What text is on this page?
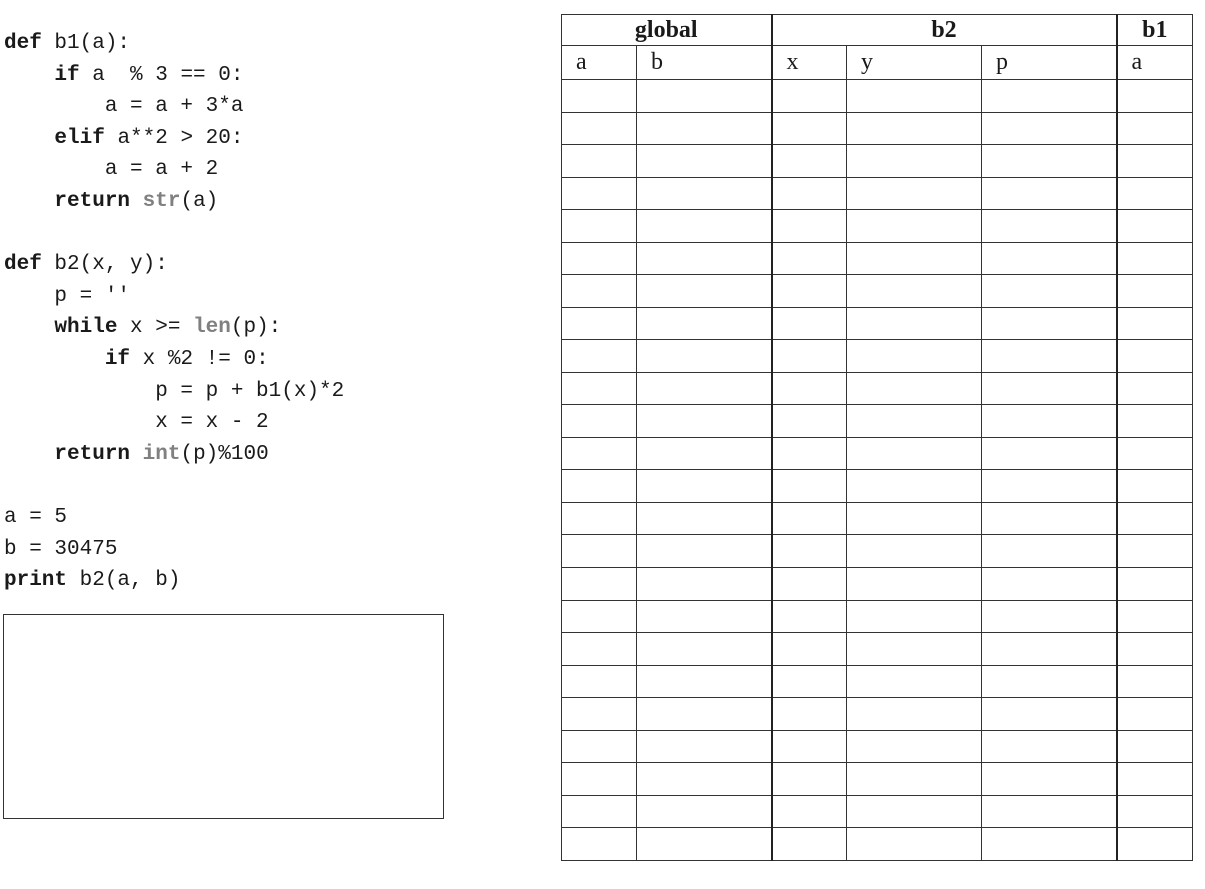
def b1(a):
if a  % 3 == 0:
a = a + 3*a
elif a**2 > 20:
a = a + 2
return str(a)

def b2(x, y):
p = ''
while x >= len(p):
if x %2 != 0:
p = p + b1(x)*2
x = x - 2
return int(p)%100

a = 5
b = 30475
print b2(a, b)
global		b2			b1
a	b	x	y	p	a
